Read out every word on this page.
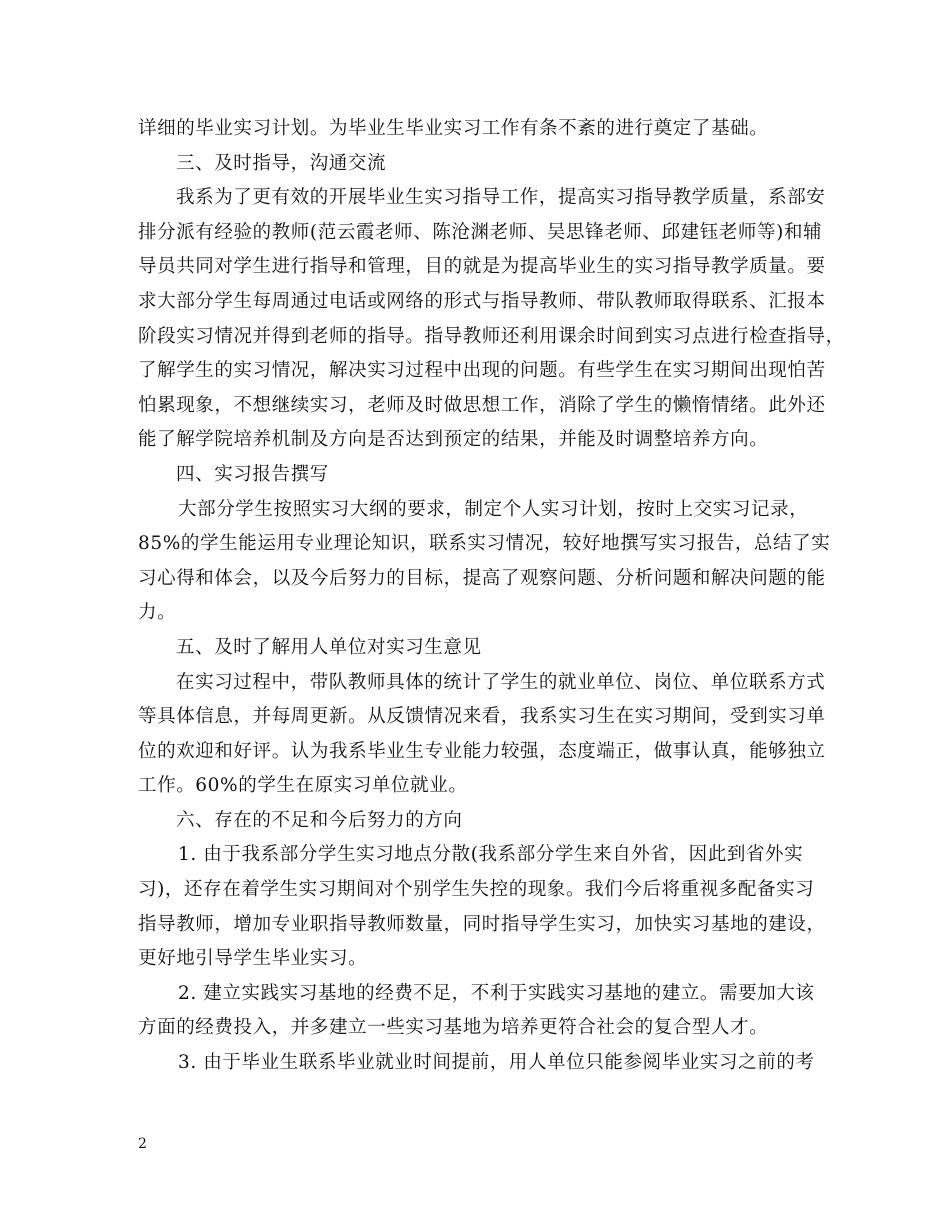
详细的毕业实习计划。为毕业生毕业实习工作有条不紊的进行奠定了基础。
三、及时指导，沟通交流
我系为了更有效的开展毕业生实习指导工作，提高实习指导教学质量，系部安
排分派有经验的教师(范云霞老师、陈沧渊老师、吴思锋老师、邱建钰老师等)和辅
导员共同对学生进行指导和管理，目的就是为提高毕业生的实习指导教学质量。要
求大部分学生每周通过电话或网络的形式与指导教师、带队教师取得联系、汇报本
阶段实习情况并得到老师的指导。指导教师还利用课余时间到实习点进行检查指导，
了解学生的实习情况，解决实习过程中出现的问题。有些学生在实习期间出现怕苦
怕累现象，不想继续实习，老师及时做思想工作，消除了学生的懒惰情绪。此外还
能了解学院培养机制及方向是否达到预定的结果，并能及时调整培养方向。
四、实习报告撰写
大部分学生按照实习大纲的要求，制定个人实习计划，按时上交实习记录，
85%的学生能运用专业理论知识，联系实习情况，较好地撰写实习报告，总结了实
习心得和体会，以及今后努力的目标，提高了观察问题、分析问题和解决问题的能
力。
五、及时了解用人单位对实习生意见
在实习过程中，带队教师具体的统计了学生的就业单位、岗位、单位联系方式
等具体信息，并每周更新。从反馈情况来看，我系实习生在实习期间，受到实习单
位的欢迎和好评。认为我系毕业生专业能力较强，态度端正，做事认真，能够独立
工作。60%的学生在原实习单位就业。
六、存在的不足和今后努力的方向
1. 由于我系部分学生实习地点分散(我系部分学生来自外省，因此到省外实
习)，还存在着学生实习期间对个别学生失控的现象。我们今后将重视多配备实习
指导教师，增加专业职指导教师数量，同时指导学生实习，加快实习基地的建设，
更好地引导学生毕业实习。
2. 建立实践实习基地的经费不足，不利于实践实习基地的建立。需要加大该
方面的经费投入，并多建立一些实习基地为培养更符合社会的复合型人才。
3. 由于毕业生联系毕业就业时间提前，用人单位只能参阅毕业实习之前的考
2
